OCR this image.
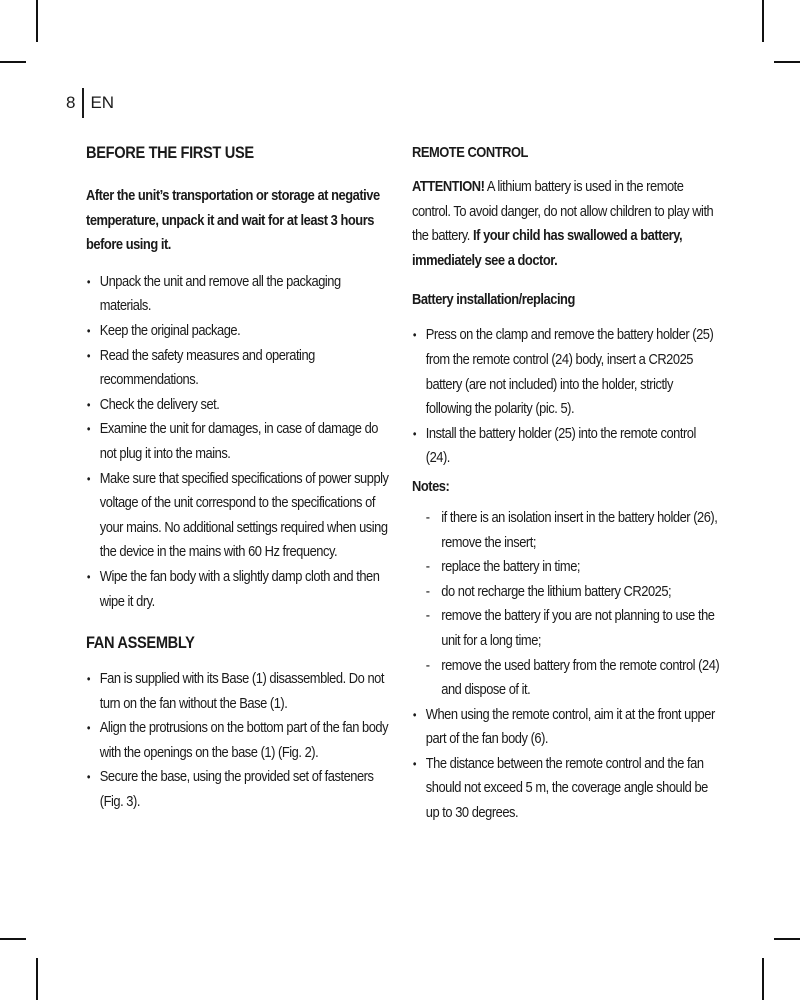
8 EN
BEFORE THE FIRST USE

After the unit’s transportation or storage at negative temperature, unpack it and wait for at least 3 hours before using it.

• Unpack the unit and remove all the packaging materials.
• Keep the original package.
• Read the safety measures and operating recommendations.
• Check the delivery set.
• Examine the unit for damages, in case of damage do not plug it into the mains.
• Make sure that specified specifications of power supply voltage of the unit correspond to the specifications of your mains. No additional settings required when using the device in the mains with 60 Hz frequency.
• Wipe the fan body with a slightly damp cloth and then wipe it dry.
FAN ASSEMBLY
• Fan is supplied with its Base (1) disassembled. Do not turn on the fan without the Base (1).
• Align the protrusions on the bottom part of the fan body with the openings on the base (1) (Fig. 2).
• Secure the base, using the provided set of fasteners (Fig. 3).
REMOTE CONTROL

ATTENTION! A lithium battery is used in the remote control. To avoid danger, do not allow children to play with the battery. If your child has swallowed a battery, immediately see a doctor.

Battery installation/replacing
• Press on the clamp and remove the battery holder (25) from the remote control (24) body, insert a CR2025 battery (are not included) into the holder, strictly following the polarity (pic. 5).
• Install the battery holder (25) into the remote control (24).
Notes:
- if there is an isolation insert in the battery holder (26), remove the insert;
- replace the battery in time;
- do not recharge the lithium battery CR2025;
- remove the battery if you are not planning to use the unit for a long time;
- remove the used battery from the remote control (24) and dispose of it.
• When using the remote control, aim it at the front upper part of the fan body (6).
• The distance between the remote control and the fan should not exceed 5 m, the coverage angle should be up to 30 degrees.
